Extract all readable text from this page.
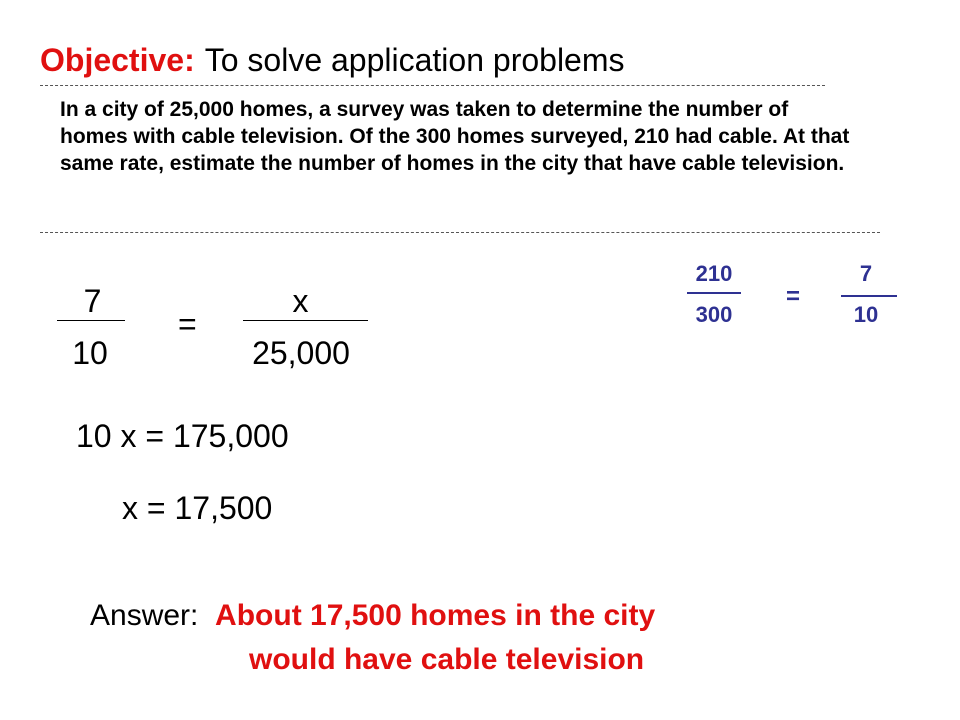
Objective: To solve application problems
In a city of 25,000 homes, a survey was taken to determine the number of homes with cable television. Of the 300 homes surveyed, 210 had cable. At that same rate, estimate the number of homes in the city that have cable television.
7
10
=
x
25,000
210
300
=
7
10
10 x = 175,000
x = 17,500
Answer: About 17,500 homes in the city
would have cable television
